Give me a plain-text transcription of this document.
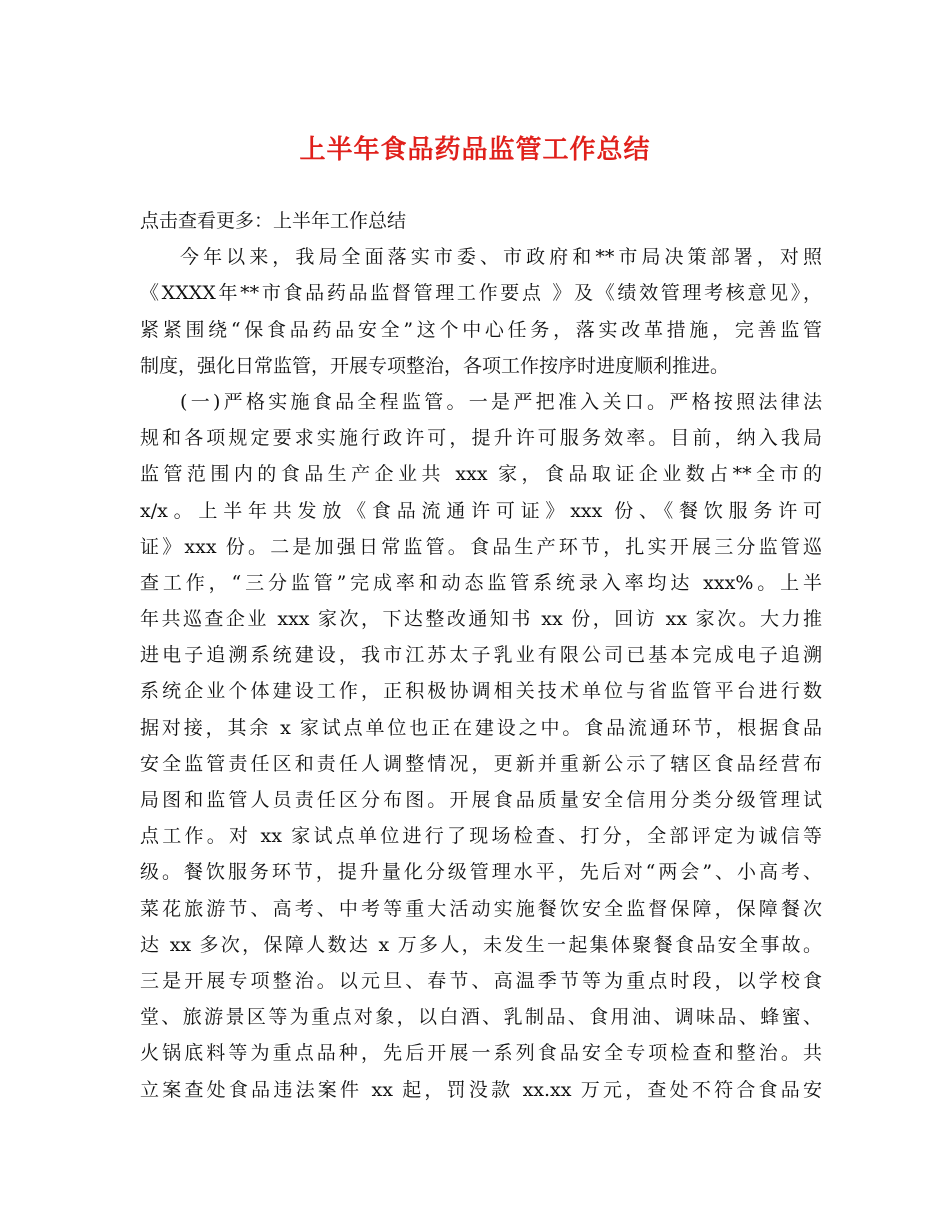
上半年食品药品监管工作总结
点击查看更多：上半年工作总结
今年以来，我局全面落实市委、市政府和**市局决策部署，对照
《XXXX年**市食品药品监督管理工作要点 》及《绩效管理考核意见》，
紧紧围绕“保食品药品安全”这个中心任务，落实改革措施，完善监管
制度，强化日常监管，开展专项整治，各项工作按序时进度顺利推进。
(一)严格实施食品全程监管。一是严把准入关口。严格按照法律法
规和各项规定要求实施行政许可，提升许可服务效率。目前，纳入我局
监管范围内的食品生产企业共 xxx 家，食品取证企业数占**全市的
x/x。上半年共发放《食品流通许可证》xxx 份、《餐饮服务许可
证》xxx 份。二是加强日常监管。食品生产环节，扎实开展三分监管巡
查工作，“三分监管”完成率和动态监管系统录入率均达 xxx%。上半
年共巡查企业 xxx 家次，下达整改通知书 xx 份，回访 xx 家次。大力推
进电子追溯系统建设，我市江苏太子乳业有限公司已基本完成电子追溯
系统企业个体建设工作，正积极协调相关技术单位与省监管平台进行数
据对接，其余 x 家试点单位也正在建设之中。食品流通环节，根据食品
安全监管责任区和责任人调整情况，更新并重新公示了辖区食品经营布
局图和监管人员责任区分布图。开展食品质量安全信用分类分级管理试
点工作。对 xx 家试点单位进行了现场检查、打分，全部评定为诚信等
级。餐饮服务环节，提升量化分级管理水平，先后对“两会”、小高考、
菜花旅游节、高考、中考等重大活动实施餐饮安全监督保障，保障餐次
达 xx 多次，保障人数达 x 万多人，未发生一起集体聚餐食品安全事故。
三是开展专项整治。以元旦、春节、高温季节等为重点时段，以学校食
堂、旅游景区等为重点对象，以白酒、乳制品、食用油、调味品、蜂蜜、
火锅底料等为重点品种，先后开展一系列食品安全专项检查和整治。共
立案查处食品违法案件 xx 起，罚没款 xx.xx 万元，查处不符合食品安
